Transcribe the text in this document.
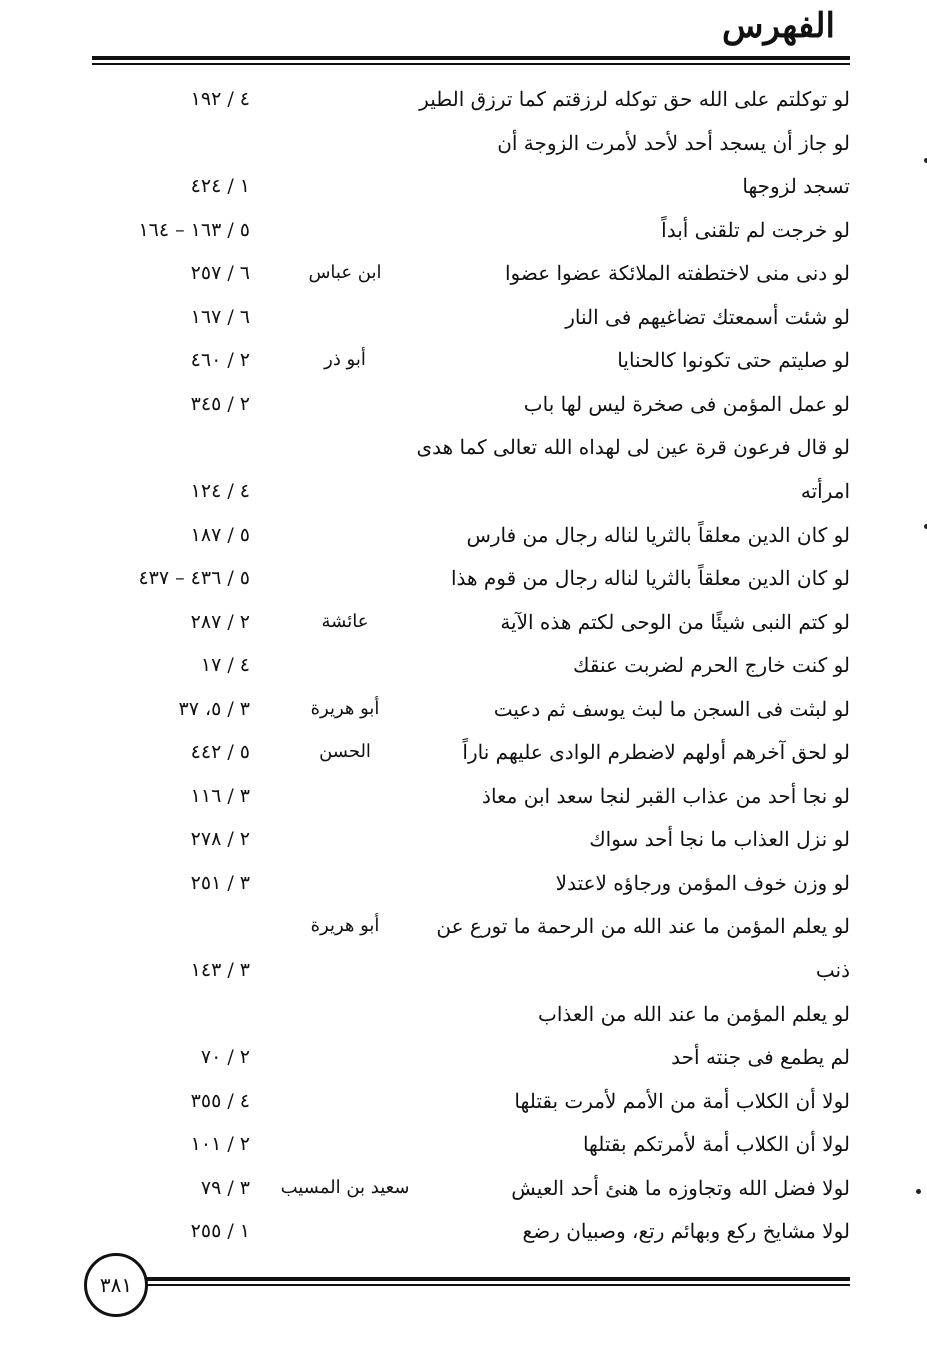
الفهرس
لو توكلتم على الله حق توكله لرزقتم كما ترزق الطير
٤ / ١٩٢
لو جاز أن يسجد أحد لأحد لأمرت الزوجة أن
تسجد لزوجها
١ / ٤٢٤
لو خرجت لم تلقنى أبداً
٥ / ١٦٣ – ١٦٤
لو دنى منى لاختطفته الملائكة عضوا عضوا
ابن عباس
٦ / ٢٥٧
لو شئت أسمعتك تضاغيهم فى النار
٦ / ١٦٧
لو صليتم حتى تكونوا كالحنايا
أبو ذر
٢ / ٤٦٠
لو عمل المؤمن فى صخرة ليس لها باب
٢ / ٣٤٥
لو قال فرعون قرة عين لى لهداه الله تعالى كما هدى
امرأته
٤ / ١٢٤
لو كان الدين معلقاً بالثريا لناله رجال من فارس
٥ / ١٨٧
لو كان الدين معلقاً بالثريا لناله رجال من قوم هذا
٥ / ٤٣٦ – ٤٣٧
لو كتم النبى شيئًا من الوحى لكتم هذه الآية
عائشة
٢ / ٢٨٧
لو كنت خارج الحرم لضربت عنقك
٤ / ١٧
لو لبثت فى السجن ما لبث يوسف ثم دعيت
أبو هريرة
٣ / ٥، ٣٧
لو لحق آخرهم أولهم لاضطرم الوادى عليهم ناراً
الحسن
٥ / ٤٤٢
لو نجا أحد من عذاب القبر لنجا سعد ابن معاذ
٣ / ١١٦
لو نزل العذاب ما نجا أحد سواك
٢ / ٢٧٨
لو وزن خوف المؤمن ورجاؤه لاعتدلا
٣ / ٢٥١
لو يعلم المؤمن ما عند الله من الرحمة ما تورع عن
أبو هريرة
ذنب
٣ / ١٤٣
لو يعلم المؤمن ما عند الله من العذاب
لم يطمع فى جنته أحد
٢ / ٧٠
لولا أن الكلاب أمة من الأمم لأمرت بقتلها
٤ / ٣٥٥
لولا أن الكلاب أمة لأمرتكم بقتلها
٢ / ١٠١
لولا فضل الله وتجاوزه ما هنئ أحد العيش
سعيد بن المسيب
٣ / ٧٩
لولا مشايخ ركع وبهائم رتع، وصبيان رضع
١ / ٢٥٥
٣٨١
